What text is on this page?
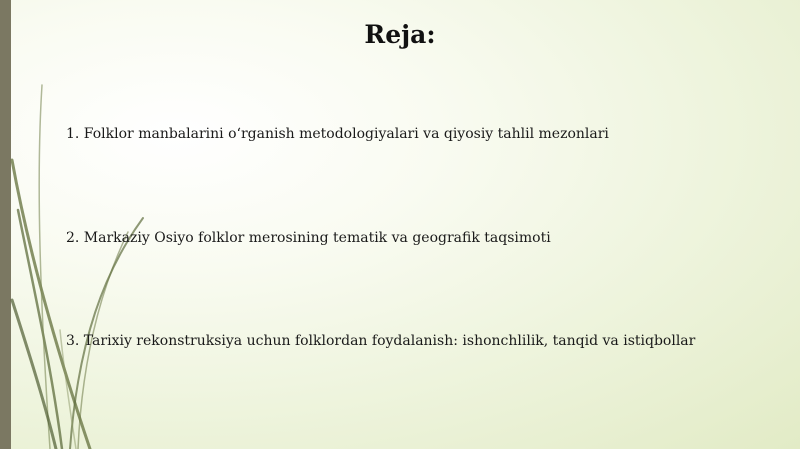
Reja:
1. Folklor manbalarini o‘rganish metodologiyalari va qiyosiy tahlil mezonlari
2. Markaziy Osiyo folklor merosining tematik va geografik taqsimoti
3. Tarixiy rekonstruksiya uchun folklordan foydalanish: ishonchlilik, tanqid va istiqbollar
